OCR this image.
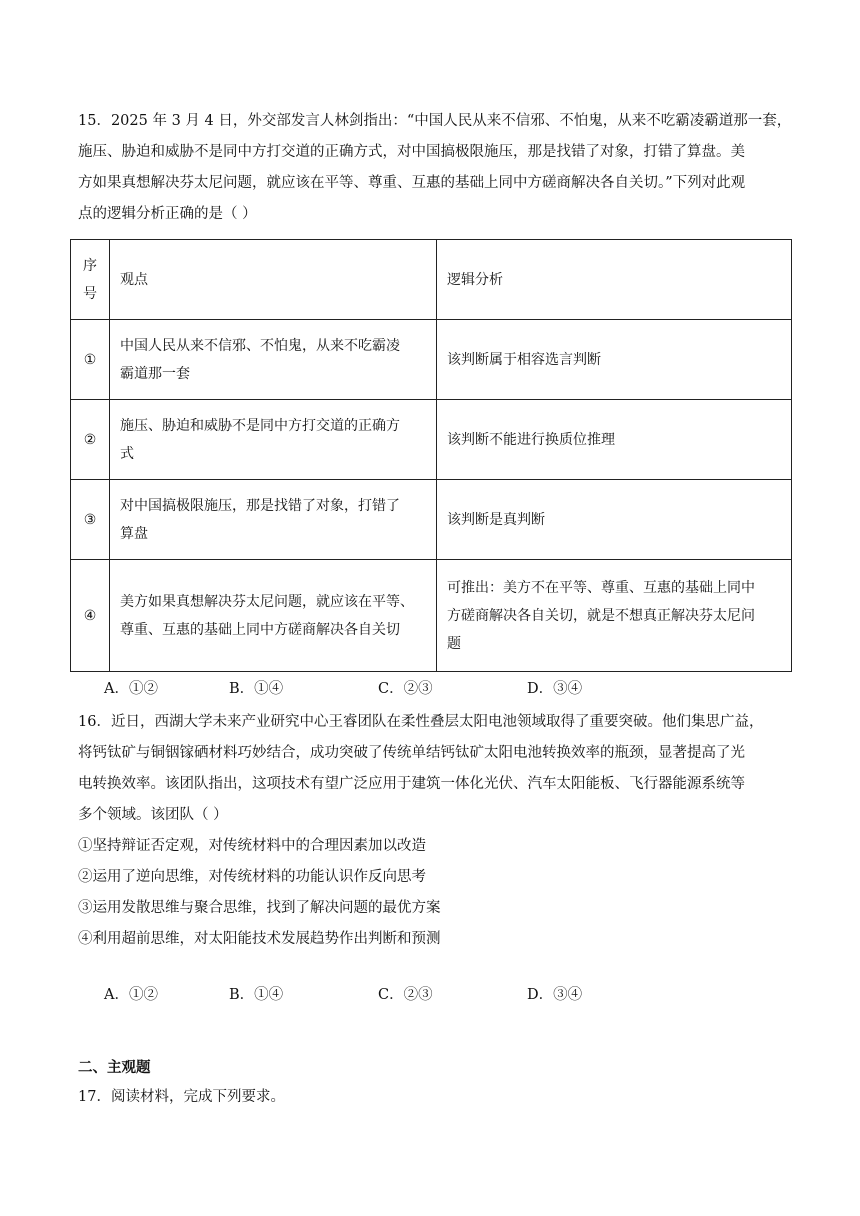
15．2025 年 3 月 4 日，外交部发言人林剑指出：“中国人民从来不信邪、不怕鬼，从来不吃霸凌霸道那一套，
施压、胁迫和威胁不是同中方打交道的正确方式，对中国搞极限施压，那是找错了对象，打错了算盘。美
方如果真想解决芬太尼问题，就应该在平等、尊重、互惠的基础上同中方磋商解决各自关切。”下列对此观
点的逻辑分析正确的是（ ）
序
号	观点	逻辑分析
①	中国人民从来不信邪、不怕鬼，从来不吃霸凌
霸道那一套	该判断属于相容选言判断

②	施压、胁迫和威胁不是同中方打交道的正确方
式	该判断不能进行换质位推理

③	对中国搞极限施压，那是找错了对象，打错了
算盘	该判断是真判断

④	美方如果真想解决芬太尼问题，就应该在平等、
尊重、互惠的基础上同中方磋商解决各自关切	可推出：美方不在平等、尊重、互惠的基础上同中
方磋商解决各自关切，就是不想真正解决芬太尼问
题
A．①②	B．①④	C．②③	D．③④
16．近日，西湖大学未来产业研究中心王睿团队在柔性叠层太阳电池领域取得了重要突破。他们集思广益，
将钙钛矿与铜铟镓硒材料巧妙结合，成功突破了传统单结钙钛矿太阳电池转换效率的瓶颈，显著提高了光
电转换效率。该团队指出，这项技术有望广泛应用于建筑一体化光伏、汽车太阳能板、飞行器能源系统等
多个领域。该团队（ ）
①坚持辩证否定观，对传统材料中的合理因素加以改造
②运用了逆向思维，对传统材料的功能认识作反向思考
③运用发散思维与聚合思维，找到了解决问题的最优方案
④利用超前思维，对太阳能技术发展趋势作出判断和预测
A．①②	B．①④	C．②③	D．③④
二、主观题
17．阅读材料，完成下列要求。
